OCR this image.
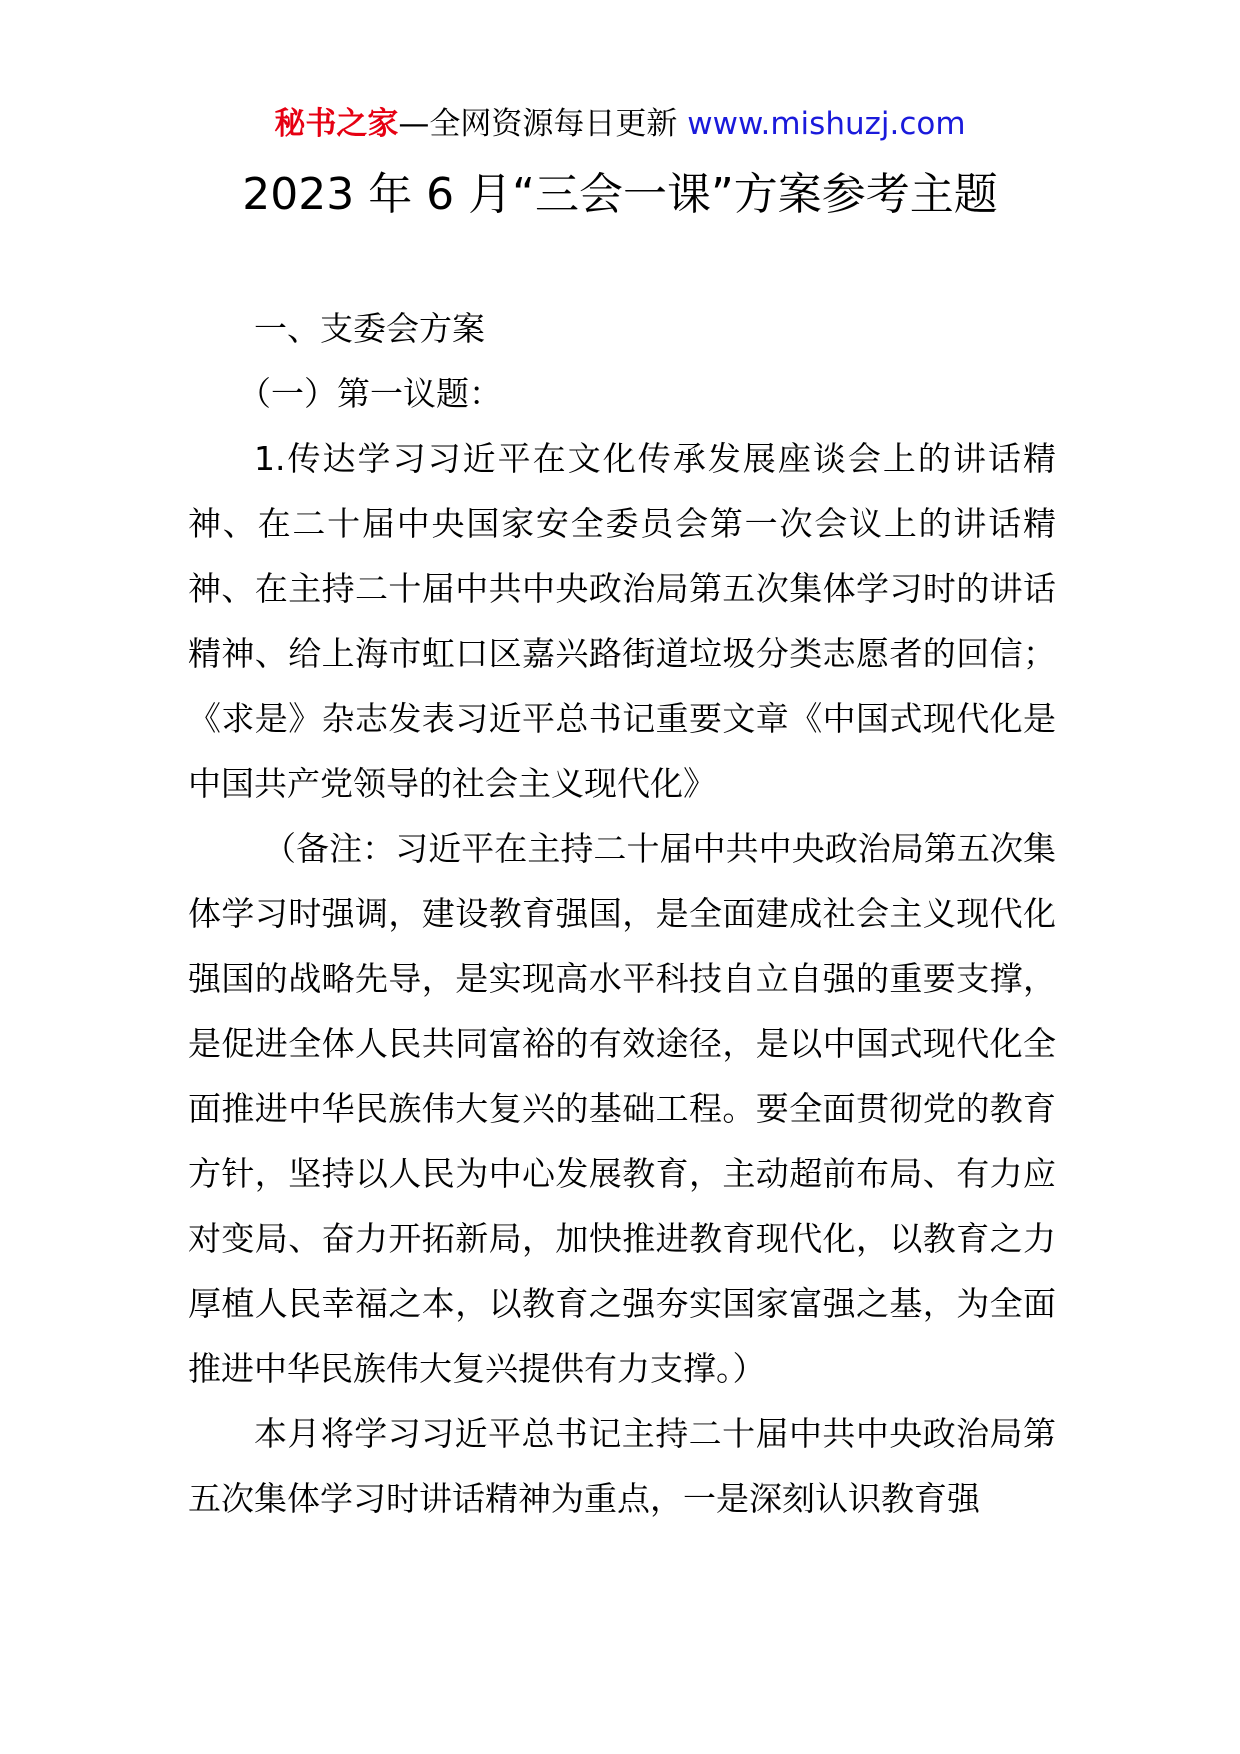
秘书之家—全网资源每日更新 www.mishuzj.com
2023 年 6 月“三会一课”方案参考主题

一、支委会方案

（一）第一议题：

1.传达学习习近平在文化传承发展座谈会上的讲话精神、在二十届中央国家安全委员会第一次会议上的讲话精神、在主持二十届中共中央政治局第五次集体学习时的讲话精神、给上海市虹口区嘉兴路街道垃圾分类志愿者的回信；《求是》杂志发表习近平总书记重要文章《中国式现代化是中国共产党领导的社会主义现代化》

（备注：习近平在主持二十届中共中央政治局第五次集体学习时强调，建设教育强国，是全面建成社会主义现代化强国的战略先导，是实现高水平科技自立自强的重要支撑，是促进全体人民共同富裕的有效途径，是以中国式现代化全面推进中华民族伟大复兴的基础工程。要全面贯彻党的教育方针，坚持以人民为中心发展教育，主动超前布局、有力应对变局、奋力开拓新局，加快推进教育现代化，以教育之力厚植人民幸福之本，以教育之强夯实国家富强之基，为全面推进中华民族伟大复兴提供有力支撑。）

本月将学习习近平总书记主持二十届中共中央政治局第五次集体学习时讲话精神为重点，一是深刻认识教育强
